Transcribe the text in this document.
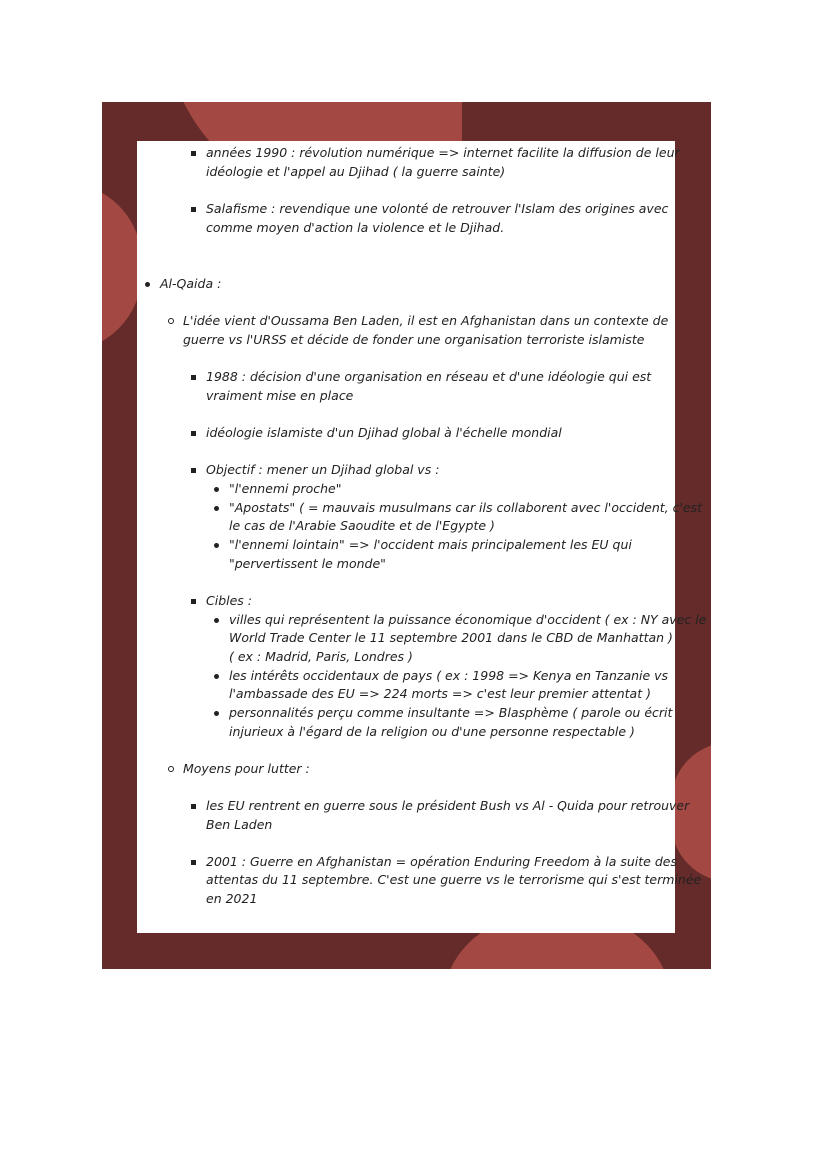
années 1990 : révolution numérique => internet facilite la diffusion de leur
idéologie et l'appel au Djihad ( la guerre sainte)
Salafisme : revendique une volonté de retrouver l'Islam des origines avec
comme moyen d'action la violence et le Djihad.
Al-Qaida :
L'idée vient d'Oussama Ben Laden, il est en Afghanistan dans un contexte de
guerre vs l'URSS et décide de fonder une organisation terroriste islamiste
1988 : décision d'une organisation en réseau et d'une idéologie qui est
vraiment mise en place
idéologie islamiste d'un Djihad global à l'échelle mondial
Objectif : mener un Djihad global vs :
"l'ennemi proche"
"Apostats" ( = mauvais musulmans car ils collaborent avec l'occident, c'est
le cas de l'Arabie Saoudite et de l'Egypte )
"l'ennemi lointain" => l'occident mais principalement les EU qui
"pervertissent le monde"
Cibles :
villes qui représentent la puissance économique d'occident ( ex : NY avec le
World Trade Center le 11 septembre 2001 dans le CBD de Manhattan )
( ex : Madrid, Paris, Londres )
les intérêts occidentaux de pays ( ex : 1998 => Kenya en Tanzanie vs
l'ambassade des EU => 224 morts => c'est leur premier attentat )
personnalités perçu comme insultante => Blasphème ( parole ou écrit
injurieux à l'égard de la religion ou d'une personne respectable )
Moyens pour lutter :
les EU rentrent en guerre sous le président Bush vs Al - Quida pour retrouver
Ben Laden
2001 : Guerre en Afghanistan = opération Enduring Freedom à la suite des
attentas du 11 septembre. C'est une guerre vs le terrorisme qui s'est terminée
en 2021
